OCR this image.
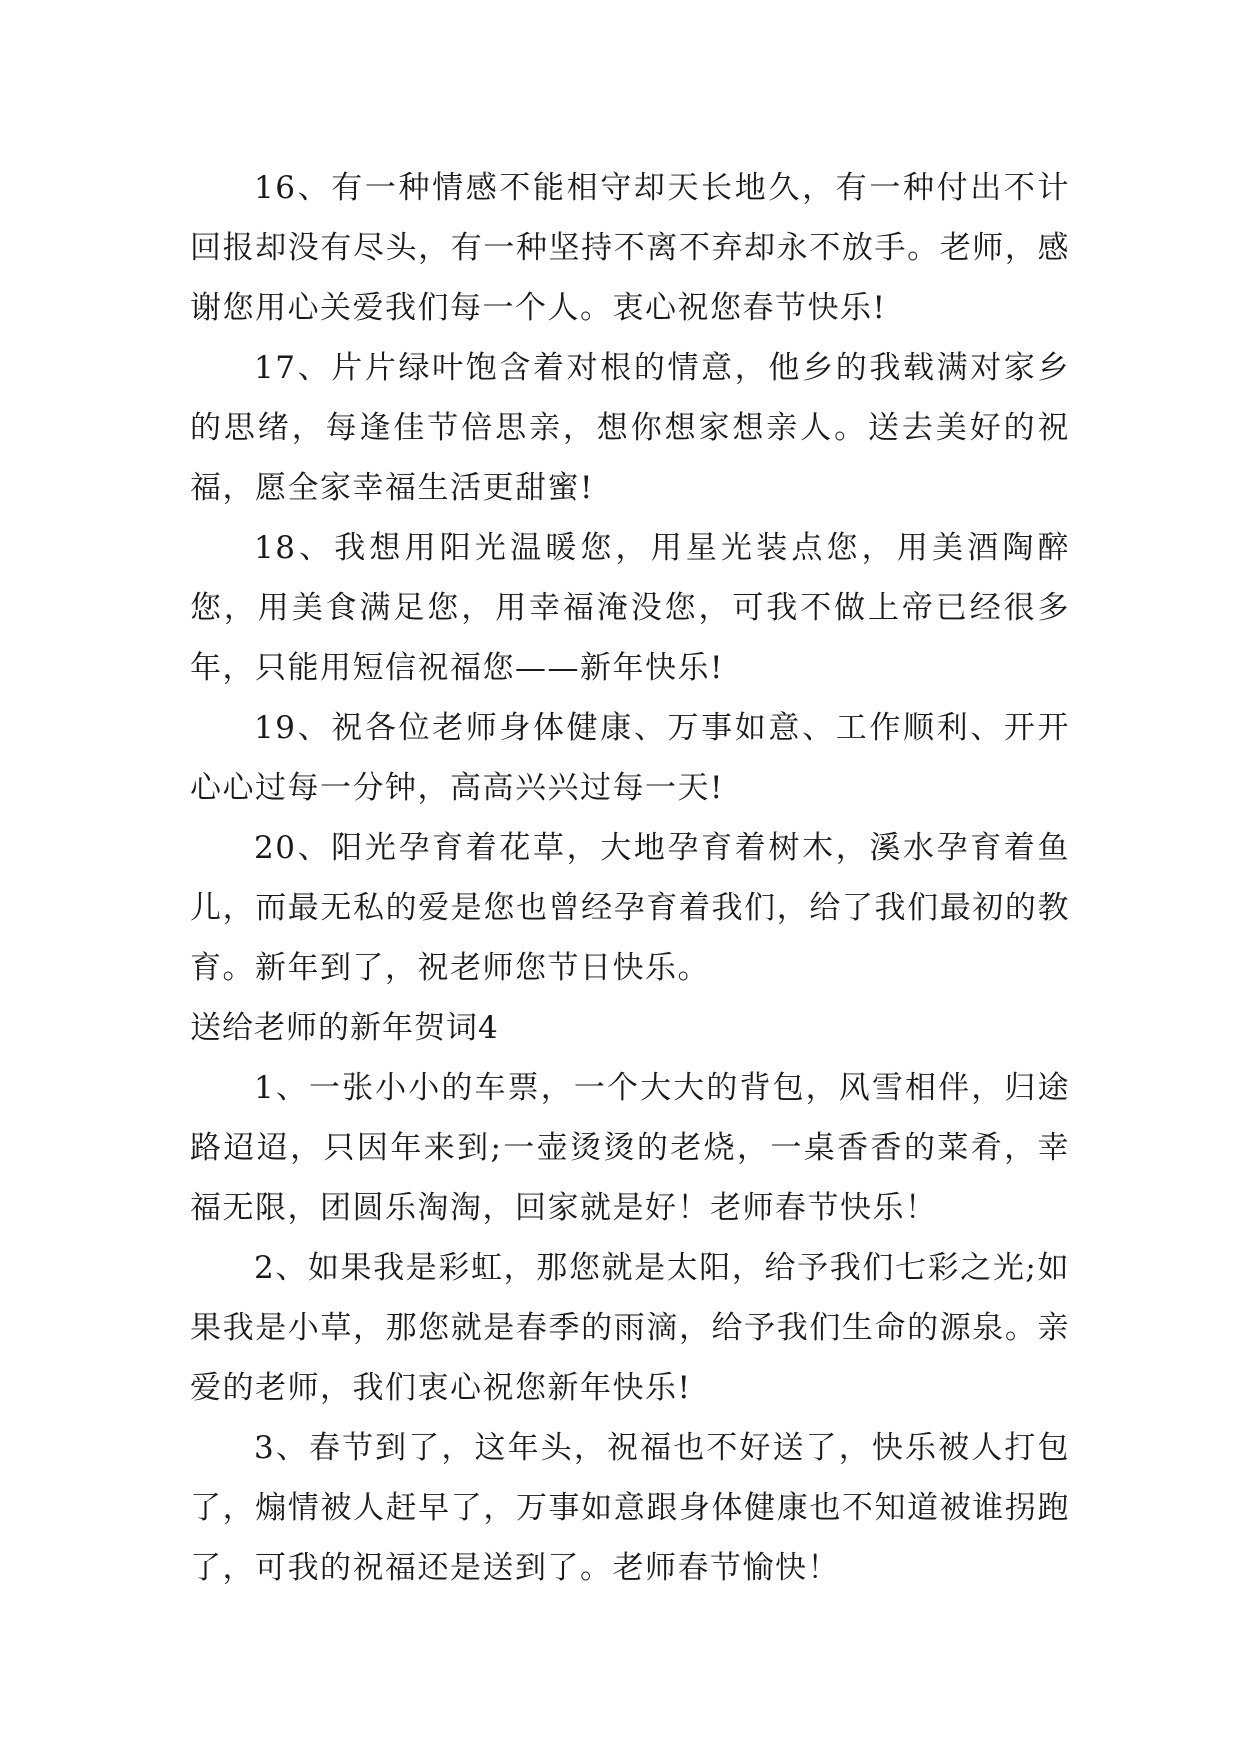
16、有一种情感不能相守却天长地久，有一种付出不计回报却没有尽头，有一种坚持不离不弃却永不放手。老师，感谢您用心关爱我们每一个人。衷心祝您春节快乐!

17、片片绿叶饱含着对根的情意，他乡的我载满对家乡的思绪，每逢佳节倍思亲，想你想家想亲人。送去美好的祝福，愿全家幸福生活更甜蜜!

18、我想用阳光温暖您，用星光装点您，用美酒陶醉您，用美食满足您，用幸福淹没您，可我不做上帝已经很多年，只能用短信祝福您——新年快乐!

19、祝各位老师身体健康、万事如意、工作顺利、开开心心过每一分钟，高高兴兴过每一天!

20、阳光孕育着花草，大地孕育着树木，溪水孕育着鱼儿，而最无私的爱是您也曾经孕育着我们，给了我们最初的教育。新年到了，祝老师您节日快乐。

送给老师的新年贺词4

1、一张小小的车票，一个大大的背包，风雪相伴，归途路迢迢，只因年来到;一壶烫烫的老烧，一桌香香的菜肴，幸福无限，团圆乐淘淘，回家就是好！老师春节快乐！

2、如果我是彩虹，那您就是太阳，给予我们七彩之光;如果我是小草，那您就是春季的雨滴，给予我们生命的源泉。亲爱的老师，我们衷心祝您新年快乐!

3、春节到了，这年头，祝福也不好送了，快乐被人打包了，煽情被人赶早了，万事如意跟身体健康也不知道被谁拐跑了，可我的祝福还是送到了。老师春节愉快！
